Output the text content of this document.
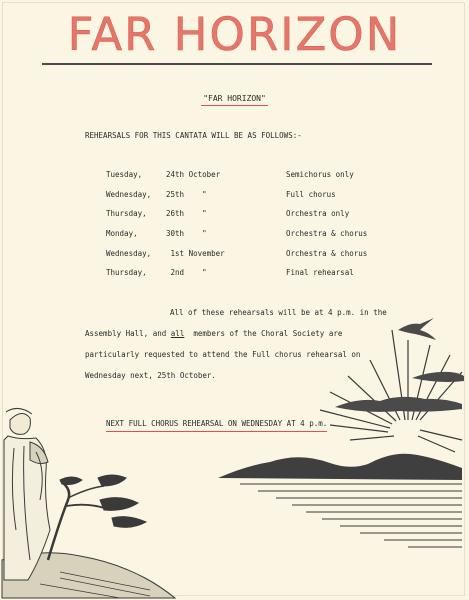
FAR HORIZON
"FAR HORIZON"
REHEARSALS FOR THIS CANTATA WILL BE AS FOLLOWS:-
Tuesday,	24th October	Semichorus only
Wednesday,	25th    "	Full chorus
Thursday,	26th    "	Orchestra only
Monday,	30th    "	Orchestra & chorus
Wednesday,	1st November	Orchestra & chorus
Thursday,	2nd    "	Final rehearsal

All of these rehearsals will be at 4 p.m. in the

Assembly Hall, and all  members of the Choral Society are

particularly requested to attend the Full chorus rehearsal on

Wednesday next, 25th October.

NEXT FULL CHORUS REHEARSAL ON WEDNESDAY AT 4 p.m.
